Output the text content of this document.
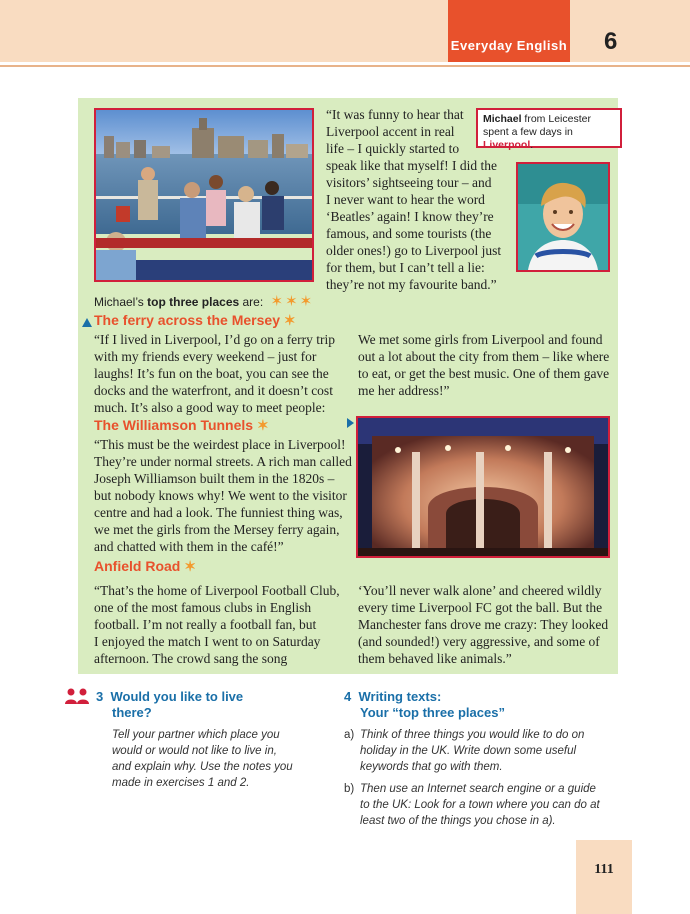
Everyday English 6
“It was funny to hear that
Liverpool accent in real
life – I quickly started to
speak like that myself! I did the
visitors’ sightseeing tour – and
I never want to hear the word
‘Beatles’ again! I know they’re
famous, and some tourists (the
older ones!) go to Liverpool just
for them, but I can’t tell a lie:
they’re not my favourite band.”
Michael from Leicester spent a few days in Liverpool.
Michael’s top three places are: ✶✶✶
The ferry across the Mersey ✶
“If I lived in Liverpool, I’d go on a ferry trip
with my friends every weekend – just for
laughs! It’s fun on the boat, you can see the
docks and the waterfront, and it doesn’t cost
much. It’s also a good way to meet people:
We met some girls from Liverpool and found
out a lot about the city from them – like where
to eat, or get the best music. One of them gave
me her address!”
The Williamson Tunnels ✶
“This must be the weirdest place in Liverpool!
They’re under normal streets. A rich man called
Joseph Williamson built them in the 1820s –
but nobody knows why! We went to the visitor
centre and had a look. The funniest thing was,
we met the girls from the Mersey ferry again,
and chatted with them in the café!”
Anfield Road ✶
“That’s the home of Liverpool Football Club,
one of the most famous clubs in English
football. I’m not really a football fan, but
I enjoyed the match I went to on Saturday
afternoon. The crowd sang the song
‘You’ll never walk alone’ and cheered wildly
every time Liverpool FC got the ball. But the
Manchester fans drove me crazy: They looked
(and sounded!) very aggressive, and some of
them behaved like animals.”
3 Would you like to live
there?
Tell your partner which place you
would or would not like to live in,
and explain why. Use the notes you
made in exercises 1 and 2.
4 Writing texts:
Your “top three places”
a) Think of three things you would like to do on
holiday in the UK. Write down some useful
keywords that go with them.
b) Then use an Internet search engine or a guide
to the UK: Look for a town where you can do at
least two of the things you chose in a).
111
